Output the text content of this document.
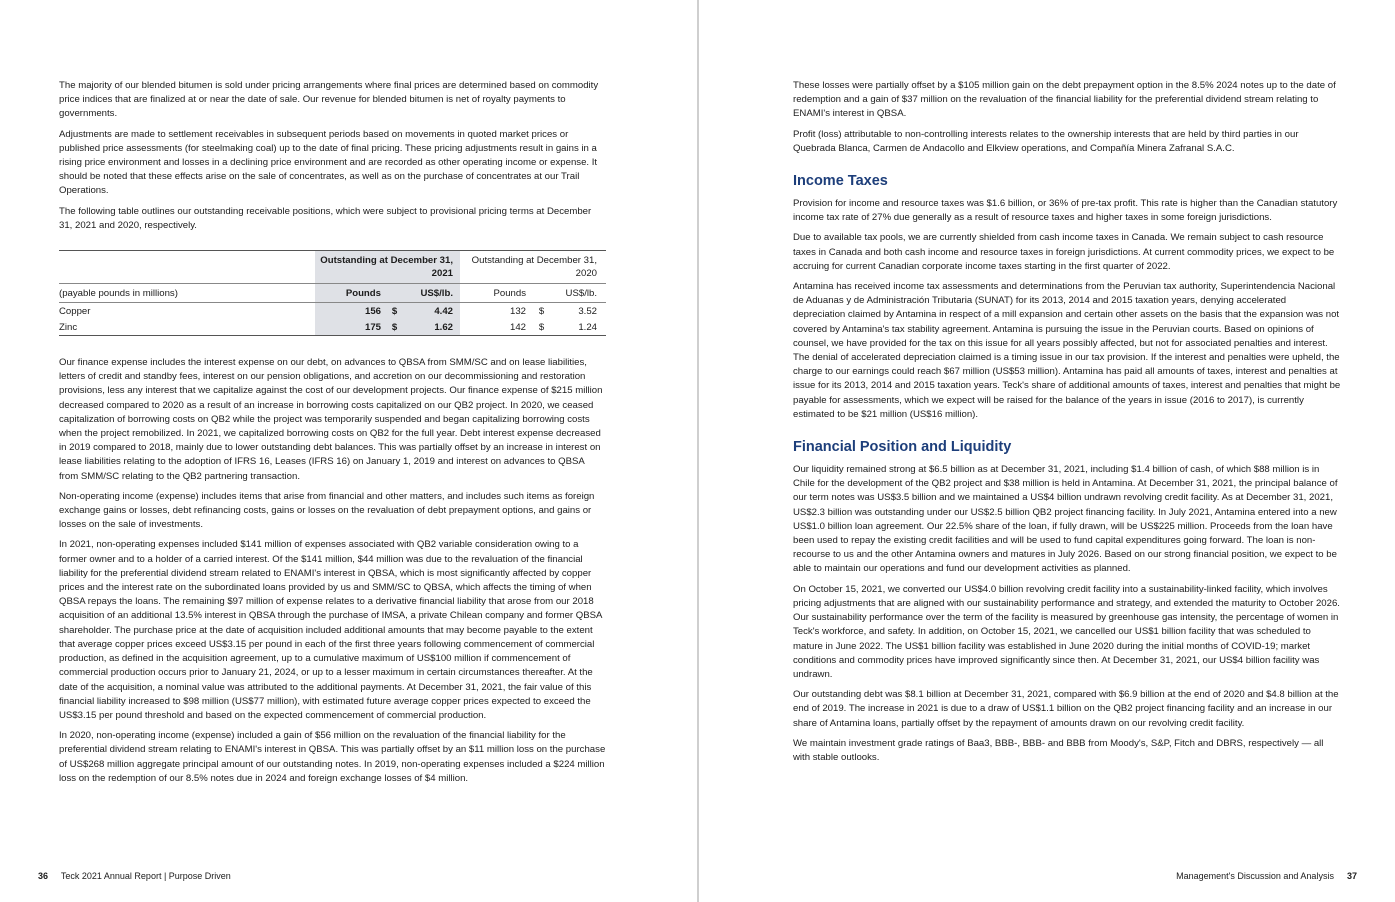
The majority of our blended bitumen is sold under pricing arrangements where final prices are determined based on commodity price indices that are finalized at or near the date of sale. Our revenue for blended bitumen is net of royalty payments to governments.

Adjustments are made to settlement receivables in subsequent periods based on movements in quoted market prices or published price assessments (for steelmaking coal) up to the date of final pricing. These pricing adjustments result in gains in a rising price environment and losses in a declining price environment and are recorded as other operating income or expense. It should be noted that these effects arise on the sale of concentrates, as well as on the purchase of concentrates at our Trail Operations.

The following table outlines our outstanding receivable positions, which were subject to provisional pricing terms at December 31, 2021 and 2020, respectively.

	Outstanding at December 31, 2021			Outstanding at December 31, 2020			
(payable pounds in millions)	Pounds		US$/lb.		Pounds		US$/lb.
Copper	156	$	4.42		132	$	3.52
Zinc	175	$	1.62		142	$	1.24

Our finance expense includes the interest expense on our debt, on advances to QBSA from SMM/SC and on lease liabilities, letters of credit and standby fees, interest on our pension obligations, and accretion on our decommissioning and restoration provisions, less any interest that we capitalize against the cost of our development projects. Our finance expense of $215 million decreased compared to 2020 as a result of an increase in borrowing costs capitalized on our QB2 project. In 2020, we ceased capitalization of borrowing costs on QB2 while the project was temporarily suspended and began capitalizing borrowing costs when the project remobilized. In 2021, we capitalized borrowing costs on QB2 for the full year. Debt interest expense decreased in 2019 compared to 2018, mainly due to lower outstanding debt balances. This was partially offset by an increase in interest on lease liabilities relating to the adoption of IFRS 16, Leases (IFRS 16) on January 1, 2019 and interest on advances to QBSA from SMM/SC relating to the QB2 partnering transaction.

Non-operating income (expense) includes items that arise from financial and other matters, and includes such items as foreign exchange gains or losses, debt refinancing costs, gains or losses on the revaluation of debt prepayment options, and gains or losses on the sale of investments.

In 2021, non-operating expenses included $141 million of expenses associated with QB2 variable consideration owing to a former owner and to a holder of a carried interest. Of the $141 million, $44 million was due to the revaluation of the financial liability for the preferential dividend stream related to ENAMI's interest in QBSA, which is most significantly affected by copper prices and the interest rate on the subordinated loans provided by us and SMM/SC to QBSA, which affects the timing of when QBSA repays the loans. The remaining $97 million of expense relates to a derivative financial liability that arose from our 2018 acquisition of an additional 13.5% interest in QBSA through the purchase of IMSA, a private Chilean company and former QBSA shareholder. The purchase price at the date of acquisition included additional amounts that may become payable to the extent that average copper prices exceed US$3.15 per pound in each of the first three years following commencement of commercial production, as defined in the acquisition agreement, up to a cumulative maximum of US$100 million if commencement of commercial production occurs prior to January 21, 2024, or up to a lesser maximum in certain circumstances thereafter. At the date of the acquisition, a nominal value was attributed to the additional payments. At December 31, 2021, the fair value of this financial liability increased to $98 million (US$77 million), with estimated future average copper prices expected to exceed the US$3.15 per pound threshold and based on the expected commencement of commercial production.

In 2020, non-operating income (expense) included a gain of $56 million on the revaluation of the financial liability for the preferential dividend stream relating to ENAMI's interest in QBSA. This was partially offset by an $11 million loss on the purchase of US$268 million aggregate principal amount of our outstanding notes. In 2019, non-operating expenses included a $224 million loss on the redemption of our 8.5% notes due in 2024 and foreign exchange losses of $4 million.

36 Teck 2021 Annual Report | Purpose Driven

These losses were partially offset by a $105 million gain on the debt prepayment option in the 8.5% 2024 notes up to the date of redemption and a gain of $37 million on the revaluation of the financial liability for the preferential dividend stream relating to ENAMI's interest in QBSA.

Profit (loss) attributable to non-controlling interests relates to the ownership interests that are held by third parties in our Quebrada Blanca, Carmen de Andacollo and Elkview operations, and Compañía Minera Zafranal S.A.C.

Income Taxes

Provision for income and resource taxes was $1.6 billion, or 36% of pre-tax profit. This rate is higher than the Canadian statutory income tax rate of 27% due generally as a result of resource taxes and higher taxes in some foreign jurisdictions.

Due to available tax pools, we are currently shielded from cash income taxes in Canada. We remain subject to cash resource taxes in Canada and both cash income and resource taxes in foreign jurisdictions. At current commodity prices, we expect to be accruing for current Canadian corporate income taxes starting in the first quarter of 2022.

Antamina has received income tax assessments and determinations from the Peruvian tax authority, Superintendencia Nacional de Aduanas y de Administración Tributaria (SUNAT) for its 2013, 2014 and 2015 taxation years, denying accelerated depreciation claimed by Antamina in respect of a mill expansion and certain other assets on the basis that the expansion was not covered by Antamina's tax stability agreement. Antamina is pursuing the issue in the Peruvian courts. Based on opinions of counsel, we have provided for the tax on this issue for all years possibly affected, but not for associated penalties and interest. The denial of accelerated depreciation claimed is a timing issue in our tax provision. If the interest and penalties were upheld, the charge to our earnings could reach $67 million (US$53 million). Antamina has paid all amounts of taxes, interest and penalties at issue for its 2013, 2014 and 2015 taxation years. Teck's share of additional amounts of taxes, interest and penalties that might be payable for assessments, which we expect will be raised for the balance of the years in issue (2016 to 2017), is currently estimated to be $21 million (US$16 million).

Financial Position and Liquidity

Our liquidity remained strong at $6.5 billion as at December 31, 2021, including $1.4 billion of cash, of which $88 million is in Chile for the development of the QB2 project and $38 million is held in Antamina. At December 31, 2021, the principal balance of our term notes was US$3.5 billion and we maintained a US$4 billion undrawn revolving credit facility. As at December 31, 2021, US$2.3 billion was outstanding under our US$2.5 billion QB2 project financing facility. In July 2021, Antamina entered into a new US$1.0 billion loan agreement. Our 22.5% share of the loan, if fully drawn, will be US$225 million. Proceeds from the loan have been used to repay the existing credit facilities and will be used to fund capital expenditures going forward. The loan is non-recourse to us and the other Antamina owners and matures in July 2026. Based on our strong financial position, we expect to be able to maintain our operations and fund our development activities as planned.

On October 15, 2021, we converted our US$4.0 billion revolving credit facility into a sustainability-linked facility, which involves pricing adjustments that are aligned with our sustainability performance and strategy, and extended the maturity to October 2026. Our sustainability performance over the term of the facility is measured by greenhouse gas intensity, the percentage of women in Teck's workforce, and safety. In addition, on October 15, 2021, we cancelled our US$1 billion facility that was scheduled to mature in June 2022. The US$1 billion facility was established in June 2020 during the initial months of COVID-19; market conditions and commodity prices have improved significantly since then. At December 31, 2021, our US$4 billion facility was undrawn.

Our outstanding debt was $8.1 billion at December 31, 2021, compared with $6.9 billion at the end of 2020 and $4.8 billion at the end of 2019. The increase in 2021 is due to a draw of US$1.1 billion on the QB2 project financing facility and an increase in our share of Antamina loans, partially offset by the repayment of amounts drawn on our revolving credit facility.

We maintain investment grade ratings of Baa3, BBB-, BBB- and BBB from Moody's, S&P, Fitch and DBRS, respectively — all with stable outlooks.

Management's Discussion and Analysis 37
